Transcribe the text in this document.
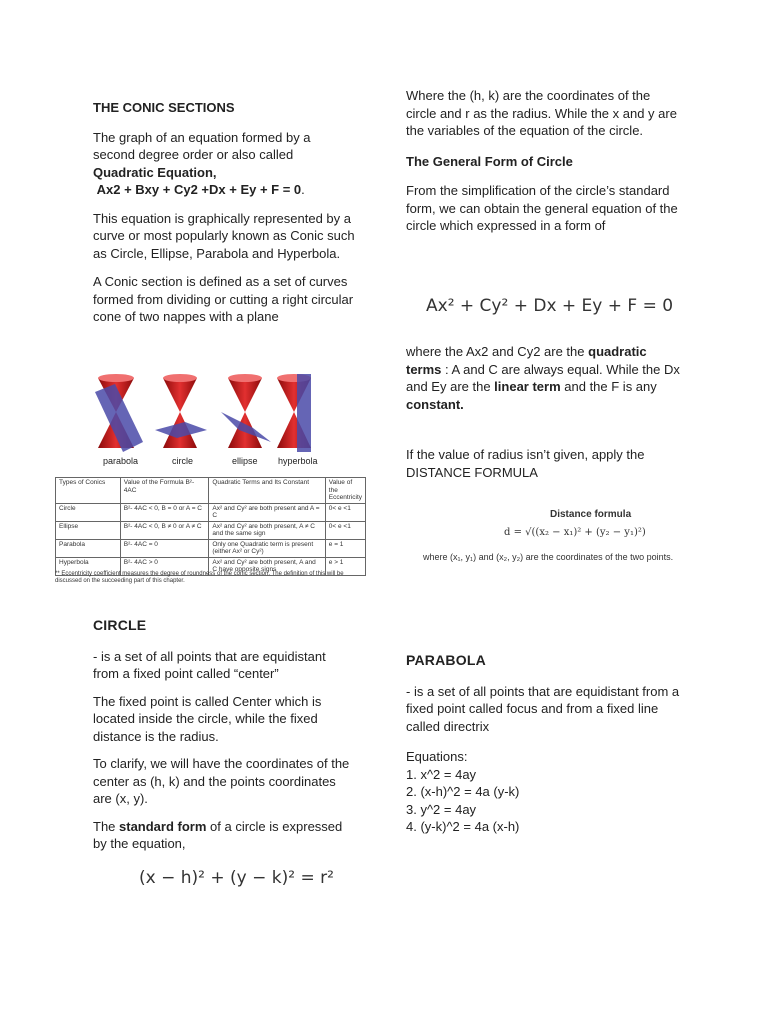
THE CONIC SECTIONS

The graph of an equation formed by a second degree order or also called
Quadratic Equation,
Ax2 + Bxy + Cy2 +Dx + Ey + F = 0.

This equation is graphically represented by a curve or most popularly known as Conic such as Circle, Ellipse, Parabola and Hyperbola.

A Conic section is defined as a set of curves formed from dividing or cutting a right circular cone of two nappes with a plane

parabola	circle	ellipse hyperbola
Types of Conics	Value of the Formula B²- 4AC	Quadratic Terms and Its Constant	Value of the Eccentricity
Circle	B²- 4AC < 0, B = 0 or A = C	Ax² and Cy² are both present and A = C	0< e <1
Ellipse	B²- 4AC < 0, B ≠ 0 or A ≠ C	Ax² and Cy² are both present, A ≠ C and the same sign	0< e <1
Parabola	B²- 4AC = 0	Only one Quadratic term is present (either Ax² or Cy²)	e = 1
Hyperbola	B²- 4AC > 0	Ax² and Cy² are both present, A and C have opposite signs	e > 1
** Eccentricity coefficient measures the degree of roundness of the conic section. The definition of this will be discussed on the succeeding part of this chapter.

CIRCLE

- is a set of all points that are equidistant from a fixed point called “center”

The fixed point is called Center which is located inside the circle, while the fixed distance is the radius.

To clarify, we will have the coordinates of the center as (h, k) and the points coordinates are (x, y).

The standard form of a circle is expressed by the equation,

(x − h)² + (y − k)² = r²

Where the (h, k) are the coordinates of the circle and r as the radius. While the x and y are the variables of the equation of the circle.

The General Form of Circle

From the simplification of the circle’s standard form, we can obtain the general equation of the circle which expressed in a form of

Ax² + Cy² + Dx + Ey + F = 0

where the Ax2 and Cy2 are the quadratic terms : A and C are always equal. While the Dx and Ey are the linear term and the F is any constant.

If the value of radius isn’t given, apply the DISTANCE FORMULA

Distance formula
d = √((x₂ − x₁)² + (y₂ − y₁)²)
where (x₁, y₁) and (x₂, y₂) are the coordinates of the two points.

PARABOLA

- is a set of all points that are equidistant from a fixed point called focus and from a fixed line called directrix

Equations:

1. x^2 = 4ay

2. (x-h)^2 = 4a (y-k)

3. y^2 = 4ay

4. (y-k)^2 = 4a (x-h)
